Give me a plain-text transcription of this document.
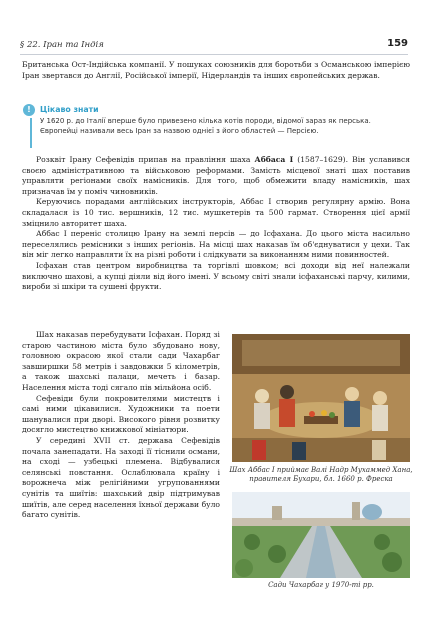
§ 22. Іран та Індія	159

Британська Ост-Індійська компанії. У пошуках союзників для боротьби з Османською імперією Іран звертався до Англії, Російської імперії, Нідерландів та інших європейських держав.

!	Цікаво знати
У 1620 р. до Італії вперше було привезено кілька котів породи, відомої зараз як перська. Європейці називали весь Іран за назвою однієї з його областей — Персією.

Розквіт Ірану Сефевідів припав на правління шаха Аббаса I (1587–1629). Він уславився своєю адміністративною та військовою реформами. Замість місцевої знаті шах поставив управляти регіонами своїх намісників. Для того, щоб обмежити владу намісників, шах призначав їм у поміч чиновників.

Керуючись порадами англійських інструкторів, Аббас І створив регулярну армію. Вона складалася із 10 тис. вершників, 12 тис. мушкетерів та 500 гармат. Створення цієї армії зміцнило авторитет шаха.

Аббас І переніс столицю Ірану на землі персів — до Ісфахана. До цього міста насильно переселялись ремісники з інших регіонів. На місці шах наказав їм об'єднуватися у цехи. Так він міг легко направляти їх на різні роботи і слідкувати за виконанням ними повинностей.

Ісфахан став центром виробництва та торгівлі шовком; всі доходи від неї належали виключно шахові, а купці діяли від його імені. У всьому світі знали ісфаханські парчу, килими, вироби зі шкіри та сушені фрукти.

Шах наказав перебудувати Ісфахан. Поряд зі старою частиною міста було збудовано нову, головною окрасою якої стали сади Чахарбаг завширшки 58 метрів і завдовжки 5 кілометрів, а також шахські палаци, мечеть і базар. Населення міста тоді сягало пів мільйона осіб.

Сефевіди були покровителями мистецтв і самі ними цікавилися. Художники та поети шанувалися при дворі. Високого рівня розвитку досягло мистецтво книжкової мініатюри.

У середині XVII ст. держава Сефевідів почала занепадати. На заході її тіснили османи, на сході — узбецькі племена. Відбувалися селянські повстання. Ослаблювала країну і ворожнеча між релігійними угрупованнями сунітів та шиїтів: шахський двір підтримував шиїтів, але серед населення їхньої держави було багато сунітів.

Шах Аббас I приймає Валі Надр Мухаммед Хана, правителя Бухари, бл. 1660 р. Фреска
Сади Чахарбаг у 1970-ті рр.
